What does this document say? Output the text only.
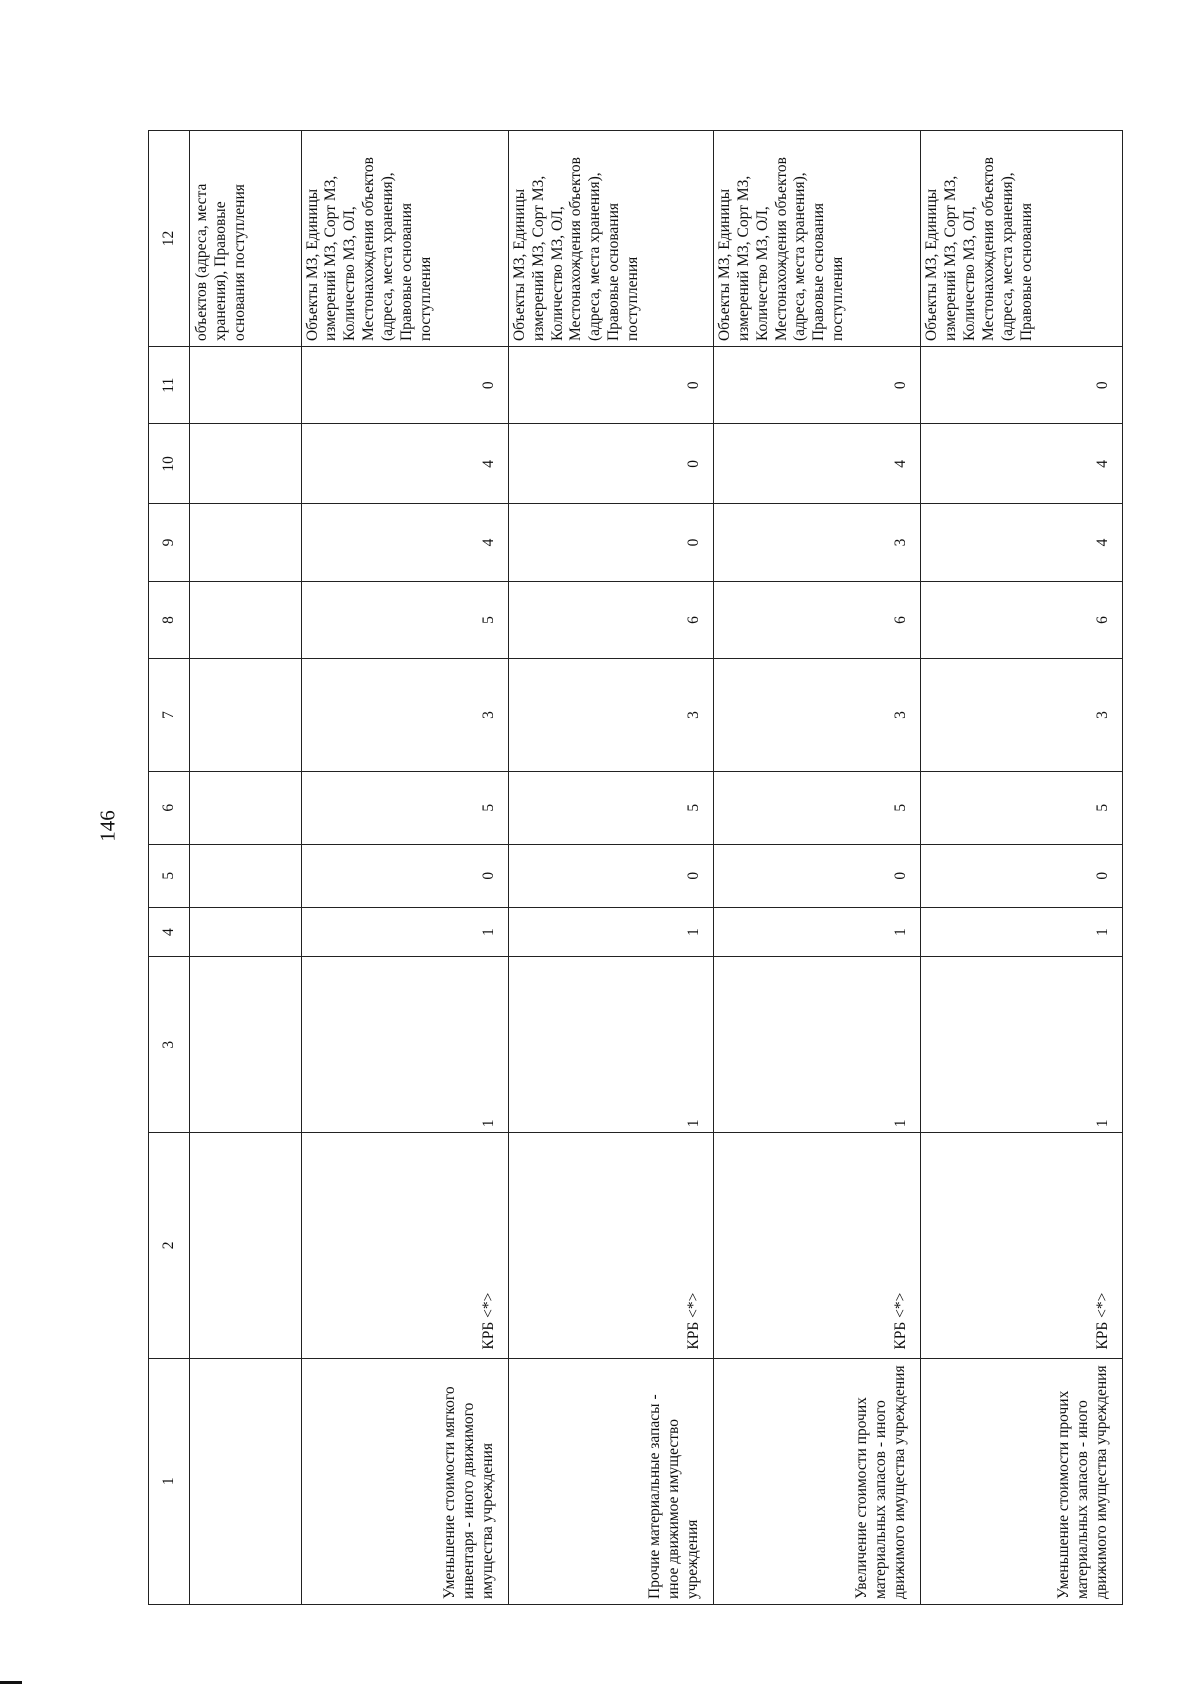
146
1	2	3	4	5	6	7	8	9	10	11	12
											объектов (адреса, места хранения), Правовые основания поступления
Уменьшение стоимости мягкого инвентаря - иного движимого имущества учреждения	КРБ <*>	1	1	0	5	3	5	4	4	0	Объекты МЗ, Единицы измерений МЗ, Сорт МЗ, Количество МЗ, ОЛ, Местонахождения объектов (адреса, места хранения), Правовые основания поступления
Прочие материальные запасы - иное движимое имущество учреждения	КРБ <*>	1	1	0	5	3	6	0	0	0	Объекты МЗ, Единицы измерений МЗ, Сорт МЗ, Количество МЗ, ОЛ, Местонахождения объектов (адреса, места хранения), Правовые основания поступления
Увеличение стоимости прочих материальных запасов - иного движимого имущества учреждения	КРБ <*>	1	1	0	5	3	6	3	4	0	Объекты МЗ, Единицы измерений МЗ, Сорт МЗ, Количество МЗ, ОЛ, Местонахождения объектов (адреса, места хранения), Правовые основания поступления
Уменьшение стоимости прочих материальных запасов - иного движимого имущества учреждения	КРБ <*>	1	1	0	5	3	6	4	4	0	Объекты МЗ, Единицы измерений МЗ, Сорт МЗ, Количество МЗ, ОЛ, Местонахождения объектов (адреса, места хранения), Правовые основания
